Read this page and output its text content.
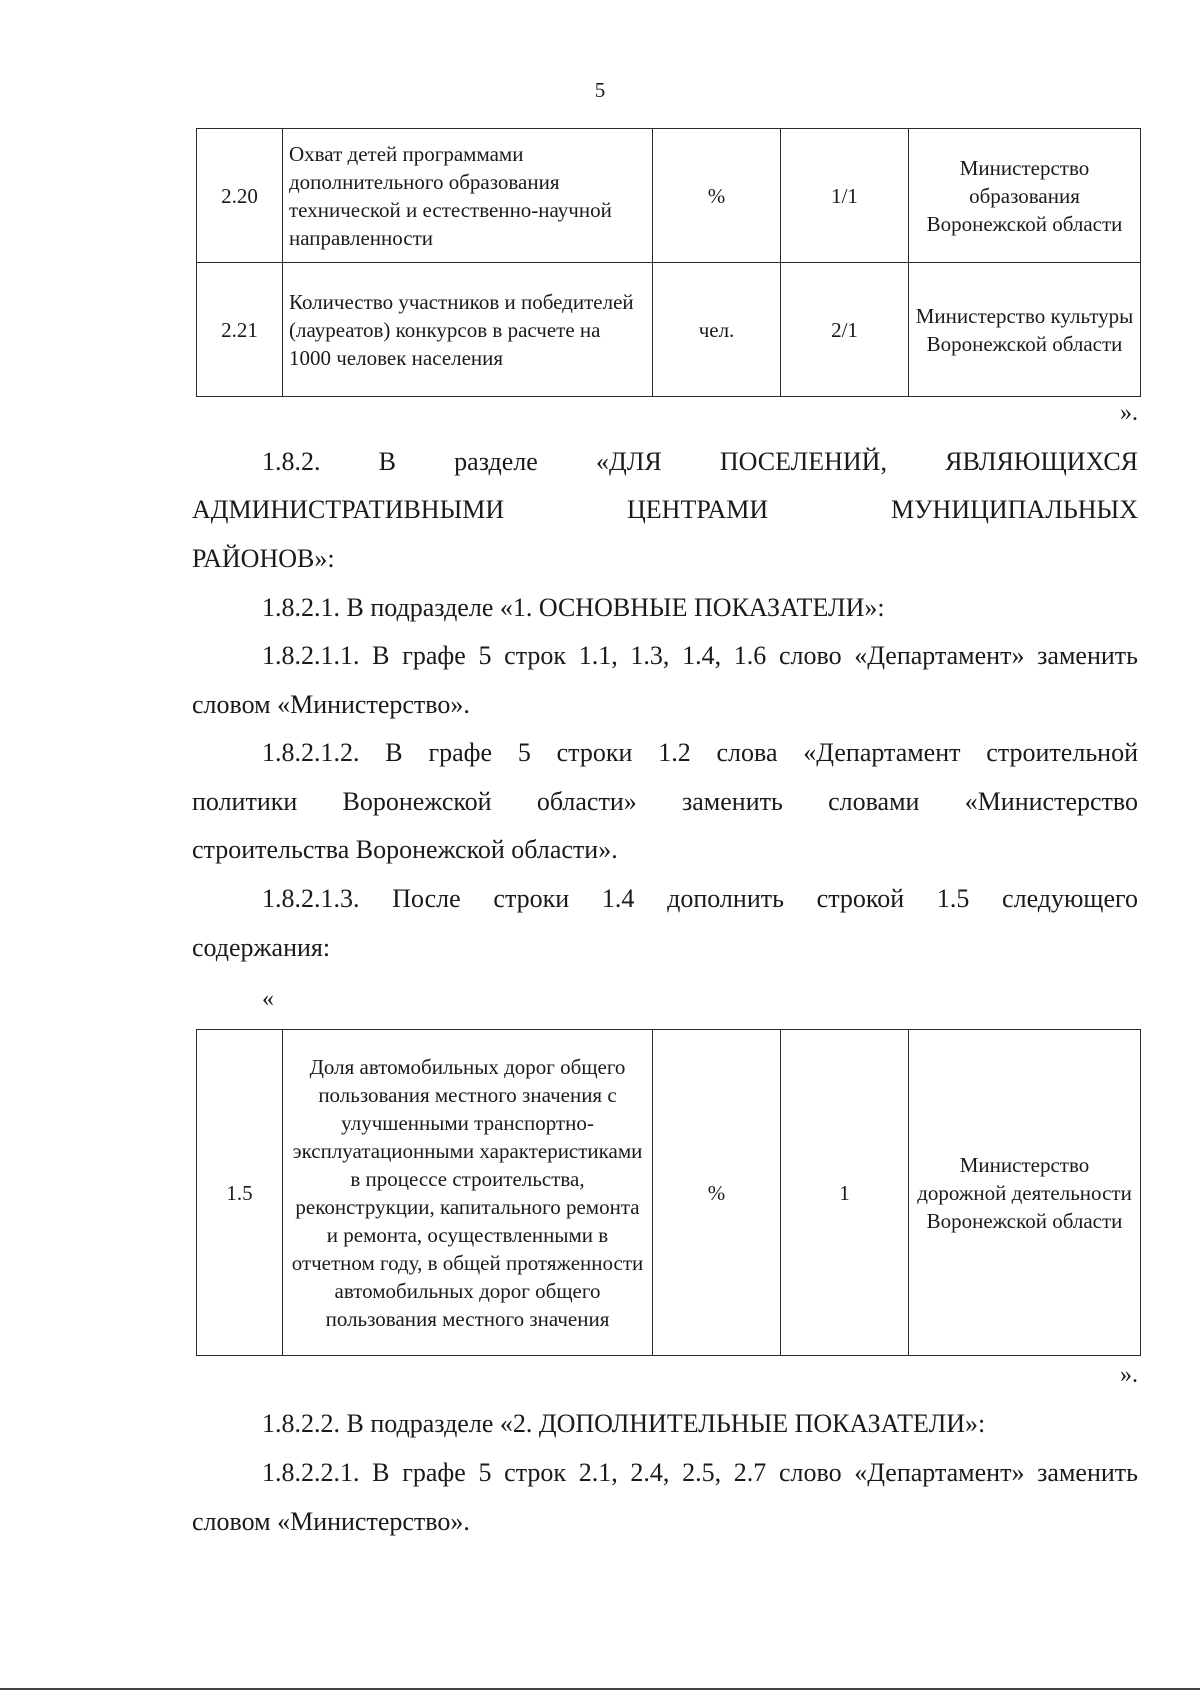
5
2.20	Охват детей программами дополнительного образования технической и естественно-научной направленности	%	1/1	Министерство образования Воронежской области
2.21	Количество участников и победителей (лауреатов) конкурсов в расчете на 1000 человек населения	чел.	2/1	Министерство культуры Воронежской области
».

1.8.2. В разделе «ДЛЯ ПОСЕЛЕНИЙ, ЯВЛЯЮЩИХСЯ

АДМИНИСТРАТИВНЫМИ ЦЕНТРАМИ МУНИЦИПАЛЬНЫХ

РАЙОНОВ»:

1.8.2.1. В подразделе «1. ОСНОВНЫЕ ПОКАЗАТЕЛИ»:

1.8.2.1.1. В графе 5 строк 1.1, 1.3, 1.4, 1.6 слово «Департамент» заменить

словом «Министерство».

1.8.2.1.2. В графе 5 строки 1.2 слова «Департамент строительной

политики Воронежской области» заменить словами «Министерство

строительства Воронежской области».

1.8.2.1.3. После строки 1.4 дополнить строкой 1.5 следующего

содержания:

«
1.5	Доля автомобильных дорог общего пользования местного значения с улучшенными транспортно-эксплуатационными характеристиками в процессе строительства, реконструкции, капитального ремонта и ремонта, осуществленными в отчетном году, в общей протяженности автомобильных дорог общего пользования местного значения	%	1	Министерство дорожной деятельности Воронежской области
».

1.8.2.2. В подразделе «2. ДОПОЛНИТЕЛЬНЫЕ ПОКАЗАТЕЛИ»:

1.8.2.2.1. В графе 5 строк 2.1, 2.4, 2.5, 2.7 слово «Департамент» заменить

словом «Министерство».
